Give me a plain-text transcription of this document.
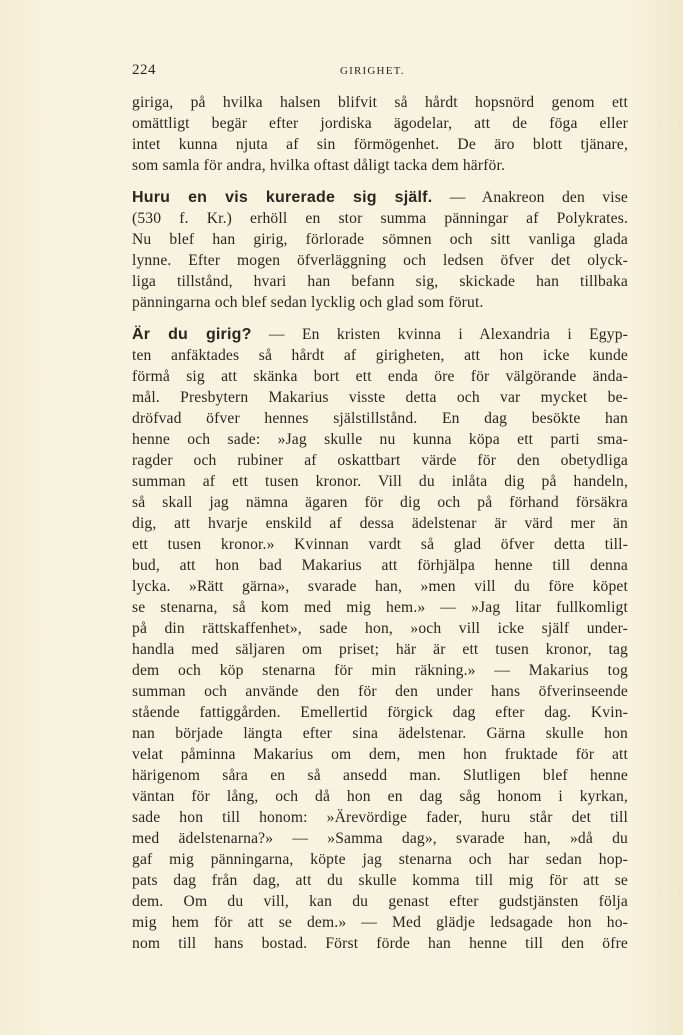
224	GIRIGHET.
giriga, på hvilka halsen blifvit så hårdt hopsnörd genom ett
omättligt begär efter jordiska ägodelar, att de föga eller
intet kunna njuta af sin förmögenhet. De äro blott tjänare,
som samla för andra, hvilka oftast dåligt tacka dem härför.
Huru en vis kurerade sig själf. — Anakreon den vise
(530 f. Kr.) erhöll en stor summa pänningar af Polykrates.
Nu blef han girig, förlorade sömnen och sitt vanliga glada
lynne. Efter mogen öfverläggning och ledsen öfver det olyck-
liga tillstånd, hvari han befann sig, skickade han tillbaka
pänningarna och blef sedan lycklig och glad som förut.
Är du girig? — En kristen kvinna i Alexandria i Egyp-
ten anfäktades så hårdt af girigheten, att hon icke kunde
förmå sig att skänka bort ett enda öre för välgörande ända-
mål. Presbytern Makarius visste detta och var mycket be-
dröfvad öfver hennes själstillstånd. En dag besökte han
henne och sade: »Jag skulle nu kunna köpa ett parti sma-
ragder och rubiner af oskattbart värde för den obetydliga
summan af ett tusen kronor. Vill du inlåta dig på handeln,
så skall jag nämna ägaren för dig och på förhand försäkra
dig, att hvarje enskild af dessa ädelstenar är värd mer än
ett tusen kronor.» Kvinnan vardt så glad öfver detta till-
bud, att hon bad Makarius att förhjälpa henne till denna
lycka. »Rätt gärna», svarade han, »men vill du före köpet
se stenarna, så kom med mig hem.» — »Jag litar fullkomligt
på din rättskaffenhet», sade hon, »och vill icke själf under-
handla med säljaren om priset; här är ett tusen kronor, tag
dem och köp stenarna för min räkning.» — Makarius tog
summan och använde den för den under hans öfverinseende
stående fattiggården. Emellertid förgick dag efter dag. Kvin-
nan började längta efter sina ädelstenar. Gärna skulle hon
velat påminna Makarius om dem, men hon fruktade för att
härigenom såra en så ansedd man. Slutligen blef henne
väntan för lång, och då hon en dag såg honom i kyrkan,
sade hon till honom: »Ärevördige fader, huru står det till
med ädelstenarna?» — »Samma dag», svarade han, »då du
gaf mig pänningarna, köpte jag stenarna och har sedan hop-
pats dag från dag, att du skulle komma till mig för att se
dem. Om du vill, kan du genast efter gudstjänsten följa
mig hem för att se dem.» — Med glädje ledsagade hon ho-
nom till hans bostad. Först förde han henne till den öfre
